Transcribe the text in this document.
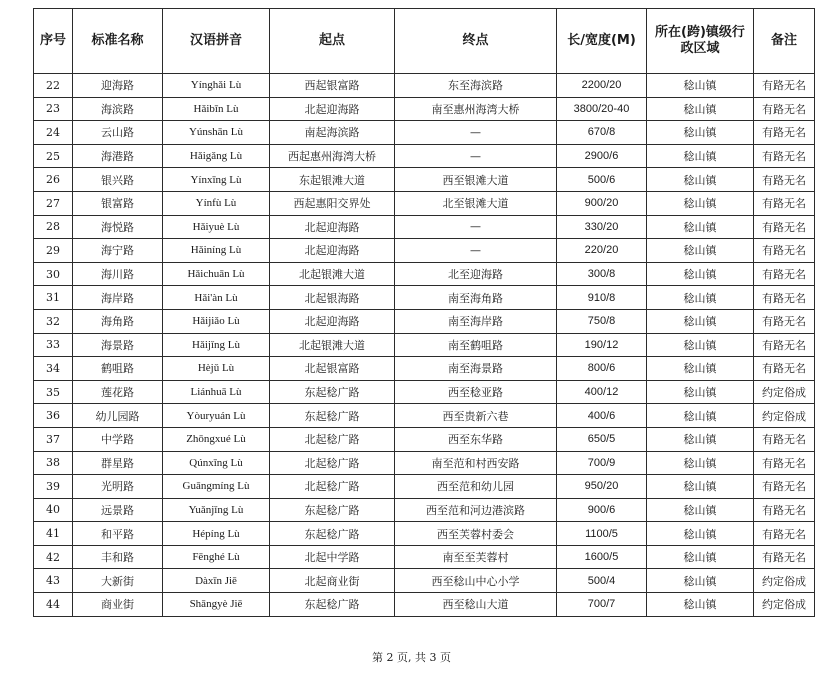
序号	标准名称	汉语拼音	起点	终点	长/宽度(M)	所在(跨)镇级行政区域	备注
22	迎海路	Yínghǎi Lù	西起银富路	东至海滨路	2200/20	稔山镇	有路无名
23	海滨路	Hǎibīn Lù	北起迎海路	南至惠州海湾大桥	3800/20-40	稔山镇	有路无名
24	云山路	Yúnshān Lù	南起海滨路	—	670/8	稔山镇	有路无名
25	海港路	Hǎigǎng Lù	西起惠州海湾大桥	—	2900/6	稔山镇	有路无名
26	银兴路	Yínxīng Lù	东起银滩大道	西至银滩大道	500/6	稔山镇	有路无名
27	银富路	Yínfù Lù	西起惠阳交界处	北至银滩大道	900/20	稔山镇	有路无名
28	海悦路	Hǎiyuè Lù	北起迎海路	—	330/20	稔山镇	有路无名
29	海宁路	Hǎiníng Lù	北起迎海路	—	220/20	稔山镇	有路无名
30	海川路	Hǎichuān Lù	北起银滩大道	北至迎海路	300/8	稔山镇	有路无名
31	海岸路	Hǎi'àn Lù	北起银海路	南至海角路	910/8	稔山镇	有路无名
32	海角路	Hǎijiǎo Lù	北起迎海路	南至海岸路	750/8	稔山镇	有路无名
33	海景路	Hǎijǐng Lù	北起银滩大道	南至鹤咀路	190/12	稔山镇	有路无名
34	鹤咀路	Hèjǔ Lù	北起银富路	南至海景路	800/6	稔山镇	有路无名
35	莲花路	Liánhuā Lù	东起稔广路	西至稔亚路	400/12	稔山镇	约定俗成
36	幼儿园路	Yòuryuán Lù	东起稔广路	西至贵新六巷	400/6	稔山镇	约定俗成
37	中学路	Zhōngxué Lù	北起稔广路	西至东华路	650/5	稔山镇	有路无名
38	群星路	Qúnxīng Lù	北起稔广路	南至范和村西安路	700/9	稔山镇	有路无名
39	光明路	Guāngmíng Lù	北起稔广路	西至范和幼儿园	950/20	稔山镇	有路无名
40	远景路	Yuǎnjǐng Lù	东起稔广路	西至范和河边港滨路	900/6	稔山镇	有路无名
41	和平路	Hépíng Lù	东起稔广路	西至芙蓉村委会	1100/5	稔山镇	有路无名
42	丰和路	Fēnghé Lù	北起中学路	南至至芙蓉村	1600/5	稔山镇	有路无名
43	大新街	Dàxīn Jiē	北起商业街	西至稔山中心小学	500/4	稔山镇	约定俗成
44	商业街	Shāngyè Jiē	东起稔广路	西至稔山大道	700/7	稔山镇	约定俗成
第 2 页, 共 3 页
